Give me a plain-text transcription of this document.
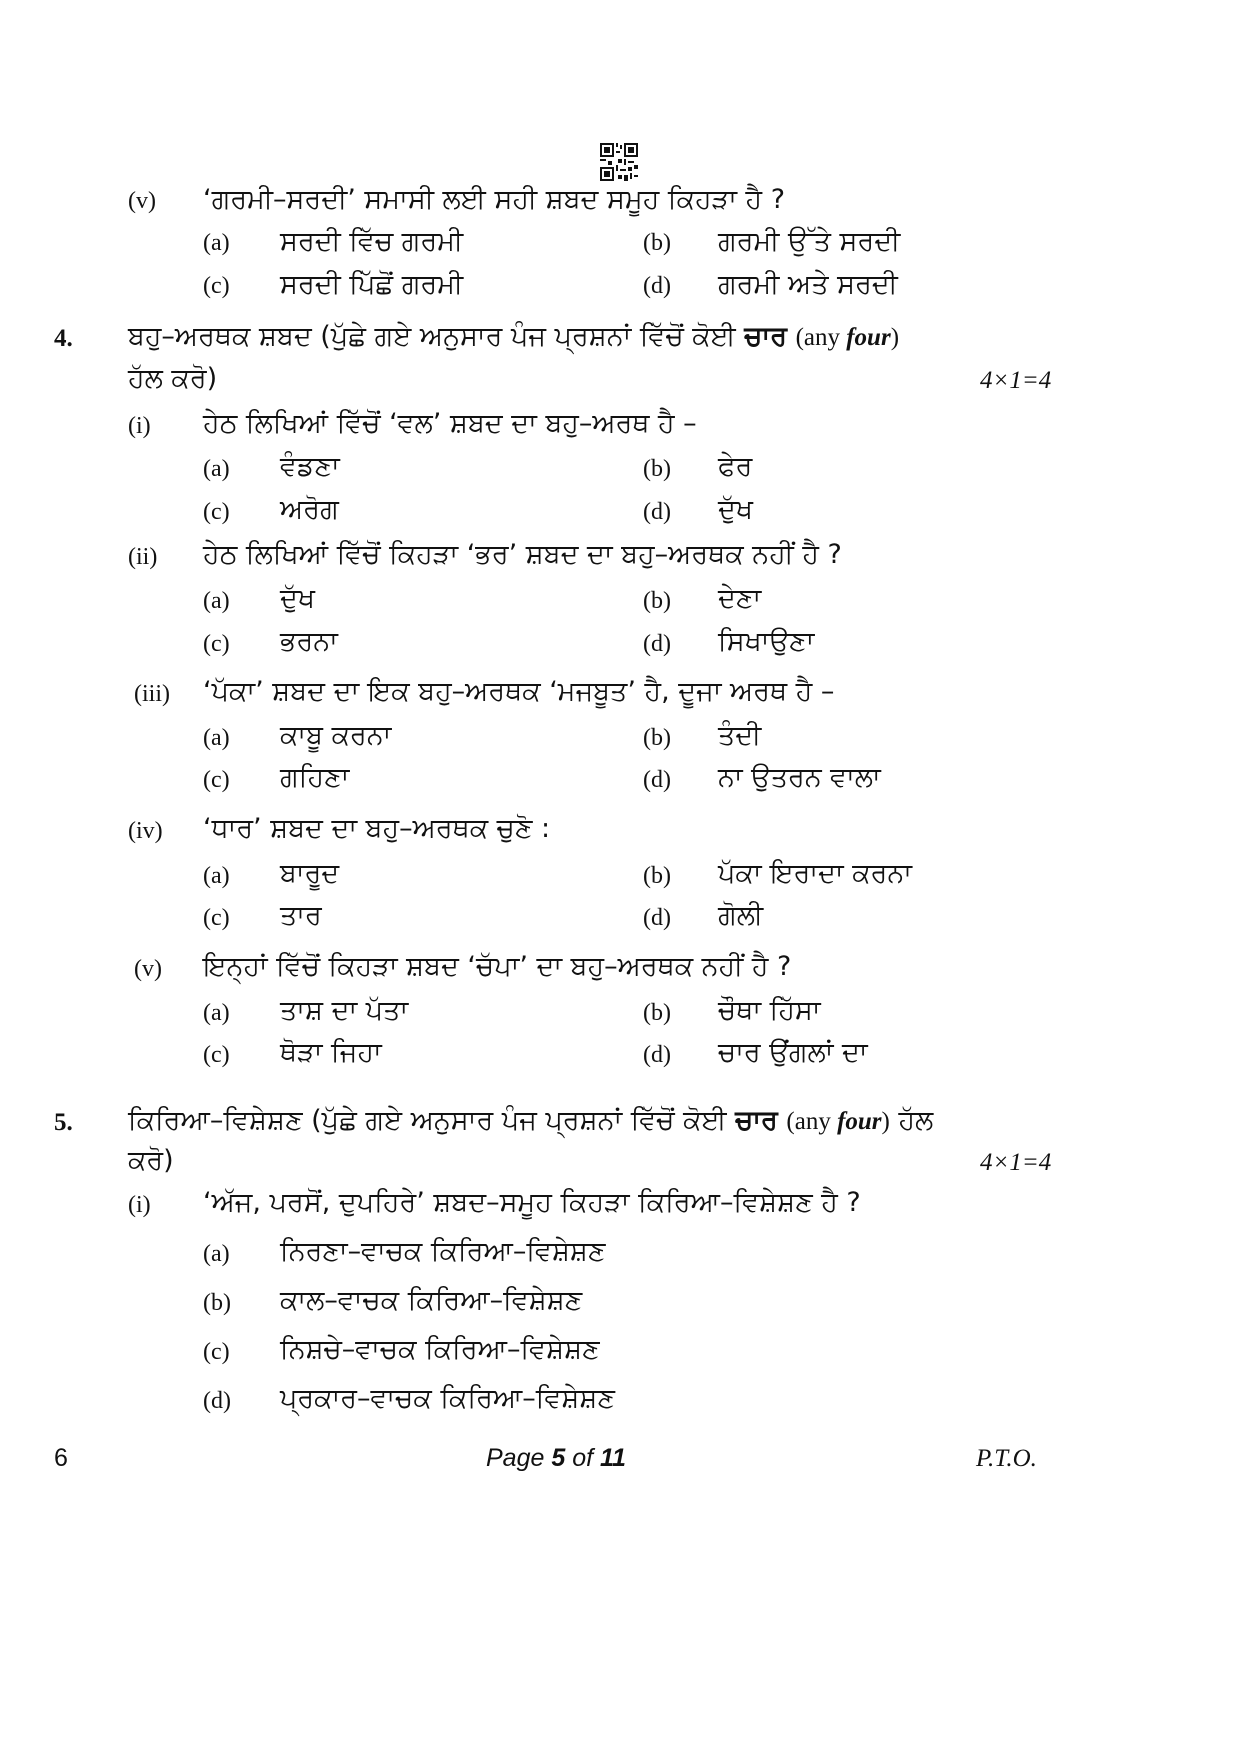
(v) ‘ਗਰਮੀ–ਸਰਦੀ’ ਸਮਾਸੀ ਲਈ ਸਹੀ ਸ਼ਬਦ ਸਮੂਹ ਕਿਹੜਾ ਹੈ ?
(a) ਸਰਦੀ ਵਿੱਚ ਗਰਮੀ	(b) ਗਰਮੀ ਉੱਤੇ ਸਰਦੀ
(c) ਸਰਦੀ ਪਿੱਛੋਂ ਗਰਮੀ	(d) ਗਰਮੀ ਅਤੇ ਸਰਦੀ
4. ਬਹੁ–ਅਰਥਕ ਸ਼ਬਦ (ਪੁੱਛੇ ਗਏ ਅਨੁਸਾਰ ਪੰਜ ਪ੍ਰਸ਼ਨਾਂ ਵਿੱਚੋਂ ਕੋਈ ਚਾਰ (any four)
ਹੱਲ ਕਰੋ)	4×1=4
(i) ਹੇਠ ਲਿਖਿਆਂ ਵਿੱਚੋਂ ‘ਵਲ’ ਸ਼ਬਦ ਦਾ ਬਹੁ–ਅਰਥ ਹੈ –
(a) ਵੰਡਣਾ	(b) ਫੇਰ
(c) ਅਰੋਗ	(d) ਦੁੱਖ
(ii) ਹੇਠ ਲਿਖਿਆਂ ਵਿੱਚੋਂ ਕਿਹੜਾ ‘ਭਰ’ ਸ਼ਬਦ ਦਾ ਬਹੁ–ਅਰਥਕ ਨਹੀਂ ਹੈ ?
(a) ਦੁੱਖ	(b) ਦੇਣਾ
(c) ਭਰਨਾ	(d) ਸਿਖਾਉਣਾ
(iii) ‘ਪੱਕਾ’ ਸ਼ਬਦ ਦਾ ਇਕ ਬਹੁ–ਅਰਥਕ ‘ਮਜਬੂਤ’ ਹੈ, ਦੂਜਾ ਅਰਥ ਹੈ –
(a) ਕਾਬੂ ਕਰਨਾ	(b) ਤੰਦੀ
(c) ਗਹਿਣਾ	(d) ਨਾ ਉਤਰਨ ਵਾਲਾ
(iv) ‘ਧਾਰ’ ਸ਼ਬਦ ਦਾ ਬਹੁ–ਅਰਥਕ ਚੁਣੋ :
(a) ਬਾਰੂਦ	(b) ਪੱਕਾ ਇਰਾਦਾ ਕਰਨਾ
(c) ਤਾਰ	(d) ਗੋਲੀ
(v) ਇਨ੍ਹਾਂ ਵਿੱਚੋਂ ਕਿਹੜਾ ਸ਼ਬਦ ‘ਚੱਪਾ’ ਦਾ ਬਹੁ–ਅਰਥਕ ਨਹੀਂ ਹੈ ?
(a) ਤਾਸ਼ ਦਾ ਪੱਤਾ	(b) ਚੌਥਾ ਹਿੱਸਾ
(c) ਥੋੜਾ ਜਿਹਾ	(d) ਚਾਰ ਉਂਗਲਾਂ ਦਾ
5. ਕਿਰਿਆ–ਵਿਸ਼ੇਸ਼ਣ (ਪੁੱਛੇ ਗਏ ਅਨੁਸਾਰ ਪੰਜ ਪ੍ਰਸ਼ਨਾਂ ਵਿੱਚੋਂ ਕੋਈ ਚਾਰ (any four) ਹੱਲ
ਕਰੋ)	4×1=4
(i) ‘ਅੱਜ, ਪਰਸੋਂ, ਦੁਪਹਿਰੇ’ ਸ਼ਬਦ–ਸਮੂਹ ਕਿਹੜਾ ਕਿਰਿਆ–ਵਿਸ਼ੇਸ਼ਣ ਹੈ ?
(a) ਨਿਰਣਾ–ਵਾਚਕ ਕਿਰਿਆ–ਵਿਸ਼ੇਸ਼ਣ
(b) ਕਾਲ–ਵਾਚਕ ਕਿਰਿਆ–ਵਿਸ਼ੇਸ਼ਣ
(c) ਨਿਸ਼ਚੇ–ਵਾਚਕ ਕਿਰਿਆ–ਵਿਸ਼ੇਸ਼ਣ
(d) ਪ੍ਰਕਾਰ–ਵਾਚਕ ਕਿਰਿਆ–ਵਿਸ਼ੇਸ਼ਣ
6	Page 5 of 11	P.T.O.
